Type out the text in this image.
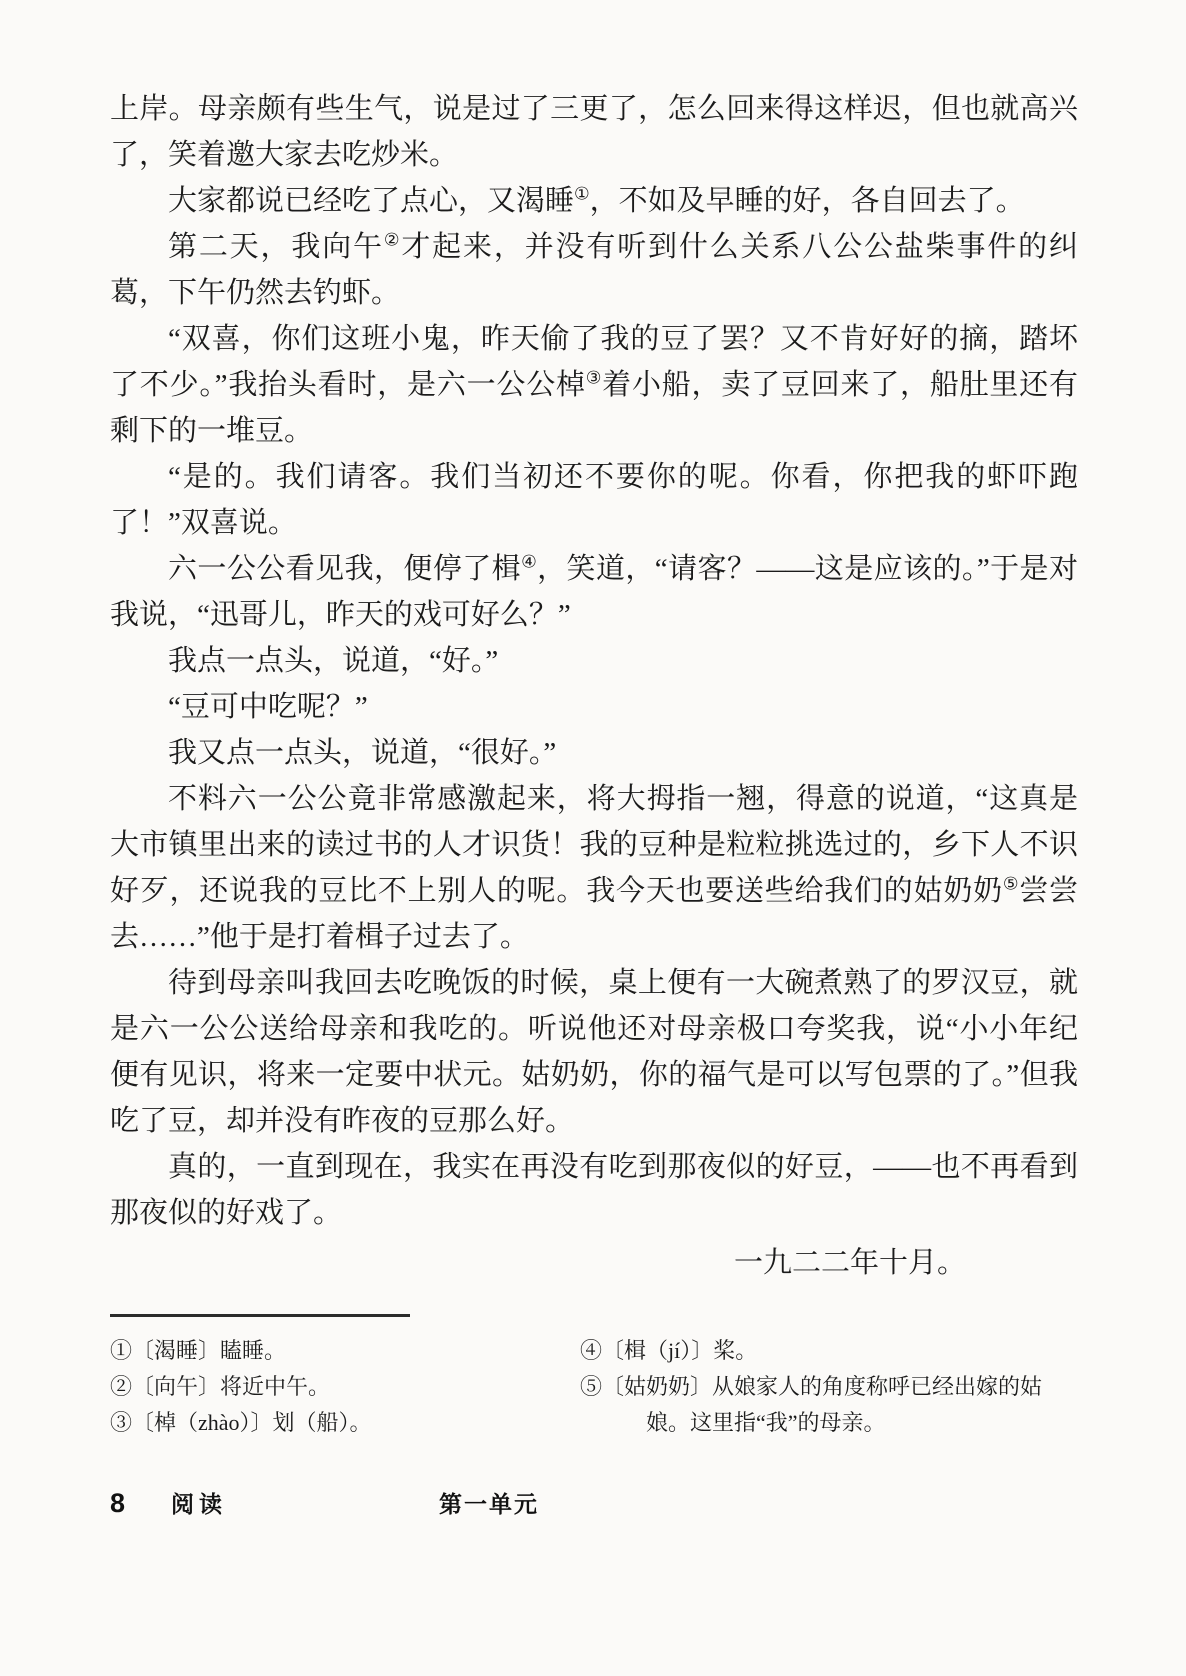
上岸。母亲颇有些生气，说是过了三更了，怎么回来得这样迟，但也就高兴了，笑着邀大家去吃炒米。

大家都说已经吃了点心，又渴睡①，不如及早睡的好，各自回去了。

第二天，我向午②才起来，并没有听到什么关系八公公盐柴事件的纠葛，下午仍然去钓虾。

“双喜，你们这班小鬼，昨天偷了我的豆了罢？又不肯好好的摘，踏坏了不少。”我抬头看时，是六一公公棹③着小船，卖了豆回来了，船肚里还有剩下的一堆豆。

“是的。我们请客。我们当初还不要你的呢。你看，你把我的虾吓跑了！”双喜说。

六一公公看见我，便停了楫④，笑道，“请客？——这是应该的。”于是对我说，“迅哥儿，昨天的戏可好么？”

我点一点头，说道，“好。”

“豆可中吃呢？”

我又点一点头，说道，“很好。”

不料六一公公竟非常感激起来，将大拇指一翘，得意的说道，“这真是大市镇里出来的读过书的人才识货！我的豆种是粒粒挑选过的，乡下人不识好歹，还说我的豆比不上别人的呢。我今天也要送些给我们的姑奶奶⑤尝尝去……”他于是打着楫子过去了。

待到母亲叫我回去吃晚饭的时候，桌上便有一大碗煮熟了的罗汉豆，就是六一公公送给母亲和我吃的。听说他还对母亲极口夸奖我，说“小小年纪便有见识，将来一定要中状元。姑奶奶，你的福气是可以写包票的了。”但我吃了豆，却并没有昨夜的豆那么好。

真的，一直到现在，我实在再没有吃到那夜似的好豆，——也不再看到那夜似的好戏了。

一九二二年十月。

①〔渴睡〕瞌睡。

②〔向午〕将近中午。

③〔棹（zhào）〕划（船）。

④〔楫（jí）〕桨。

⑤〔姑奶奶〕从娘家人的角度称呼已经出嫁的姑娘。这里指“我”的母亲。

8 阅读	第一单元
